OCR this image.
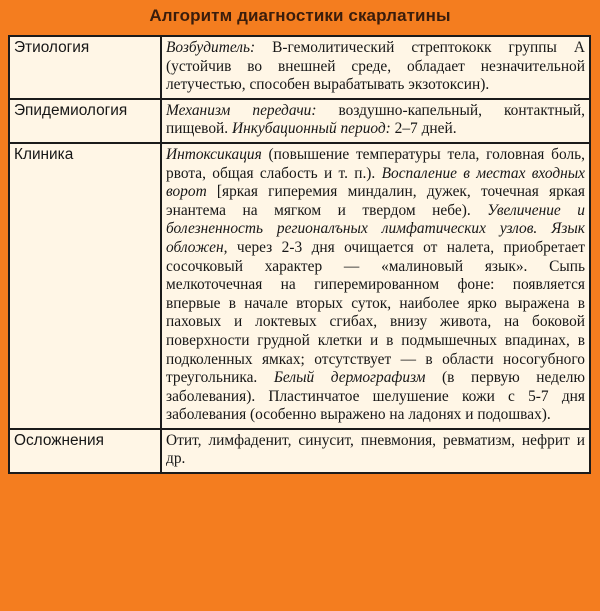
Алгоритм диагностики скарлатины
Этиология	Возбудитель: В-гемолитический стрептококк группы А (устойчив во внешней среде, обладает незначительной летучестью, способен вырабатывать экзотоксин).
Эпидемиология	Механизм передачи: воздушно-капельный, контактный, пищевой. Инкубационный период: 2–7 дней.
Клиника	Интоксикация (повышение температуры тела, головная боль, рвота, общая слабость и т. п.). Воспаление в местах входных ворот [яркая гиперемия миндалин, дужек, точечная яркая энантема на мягком и твердом небе). Увеличение и болезненность регионалъных лимфатических узлов. Язык обложен, через 2-3 дня очищается от налета, приобретает сосочковый характер — «малиновый язык». Сыпь мелкоточечная на гиперемированном фоне: появляется впервые в начале вторых суток, наиболее ярко выражена в паховых и локтевых сгибах, внизу живота, на боковой поверхности грудной клетки и в подмышечных впадинах, в подколенных ямках; отсутствует — в области носогубного треугольника. Белый дермографизм (в первую неделю заболевания). Пластинчатое шелушение кожи с 5-7 дня заболевания (особенно выражено на ладонях и подошвах).
Осложнения	Отит, лимфаденит, синусит, пневмония, ревматизм, нефрит и др.
